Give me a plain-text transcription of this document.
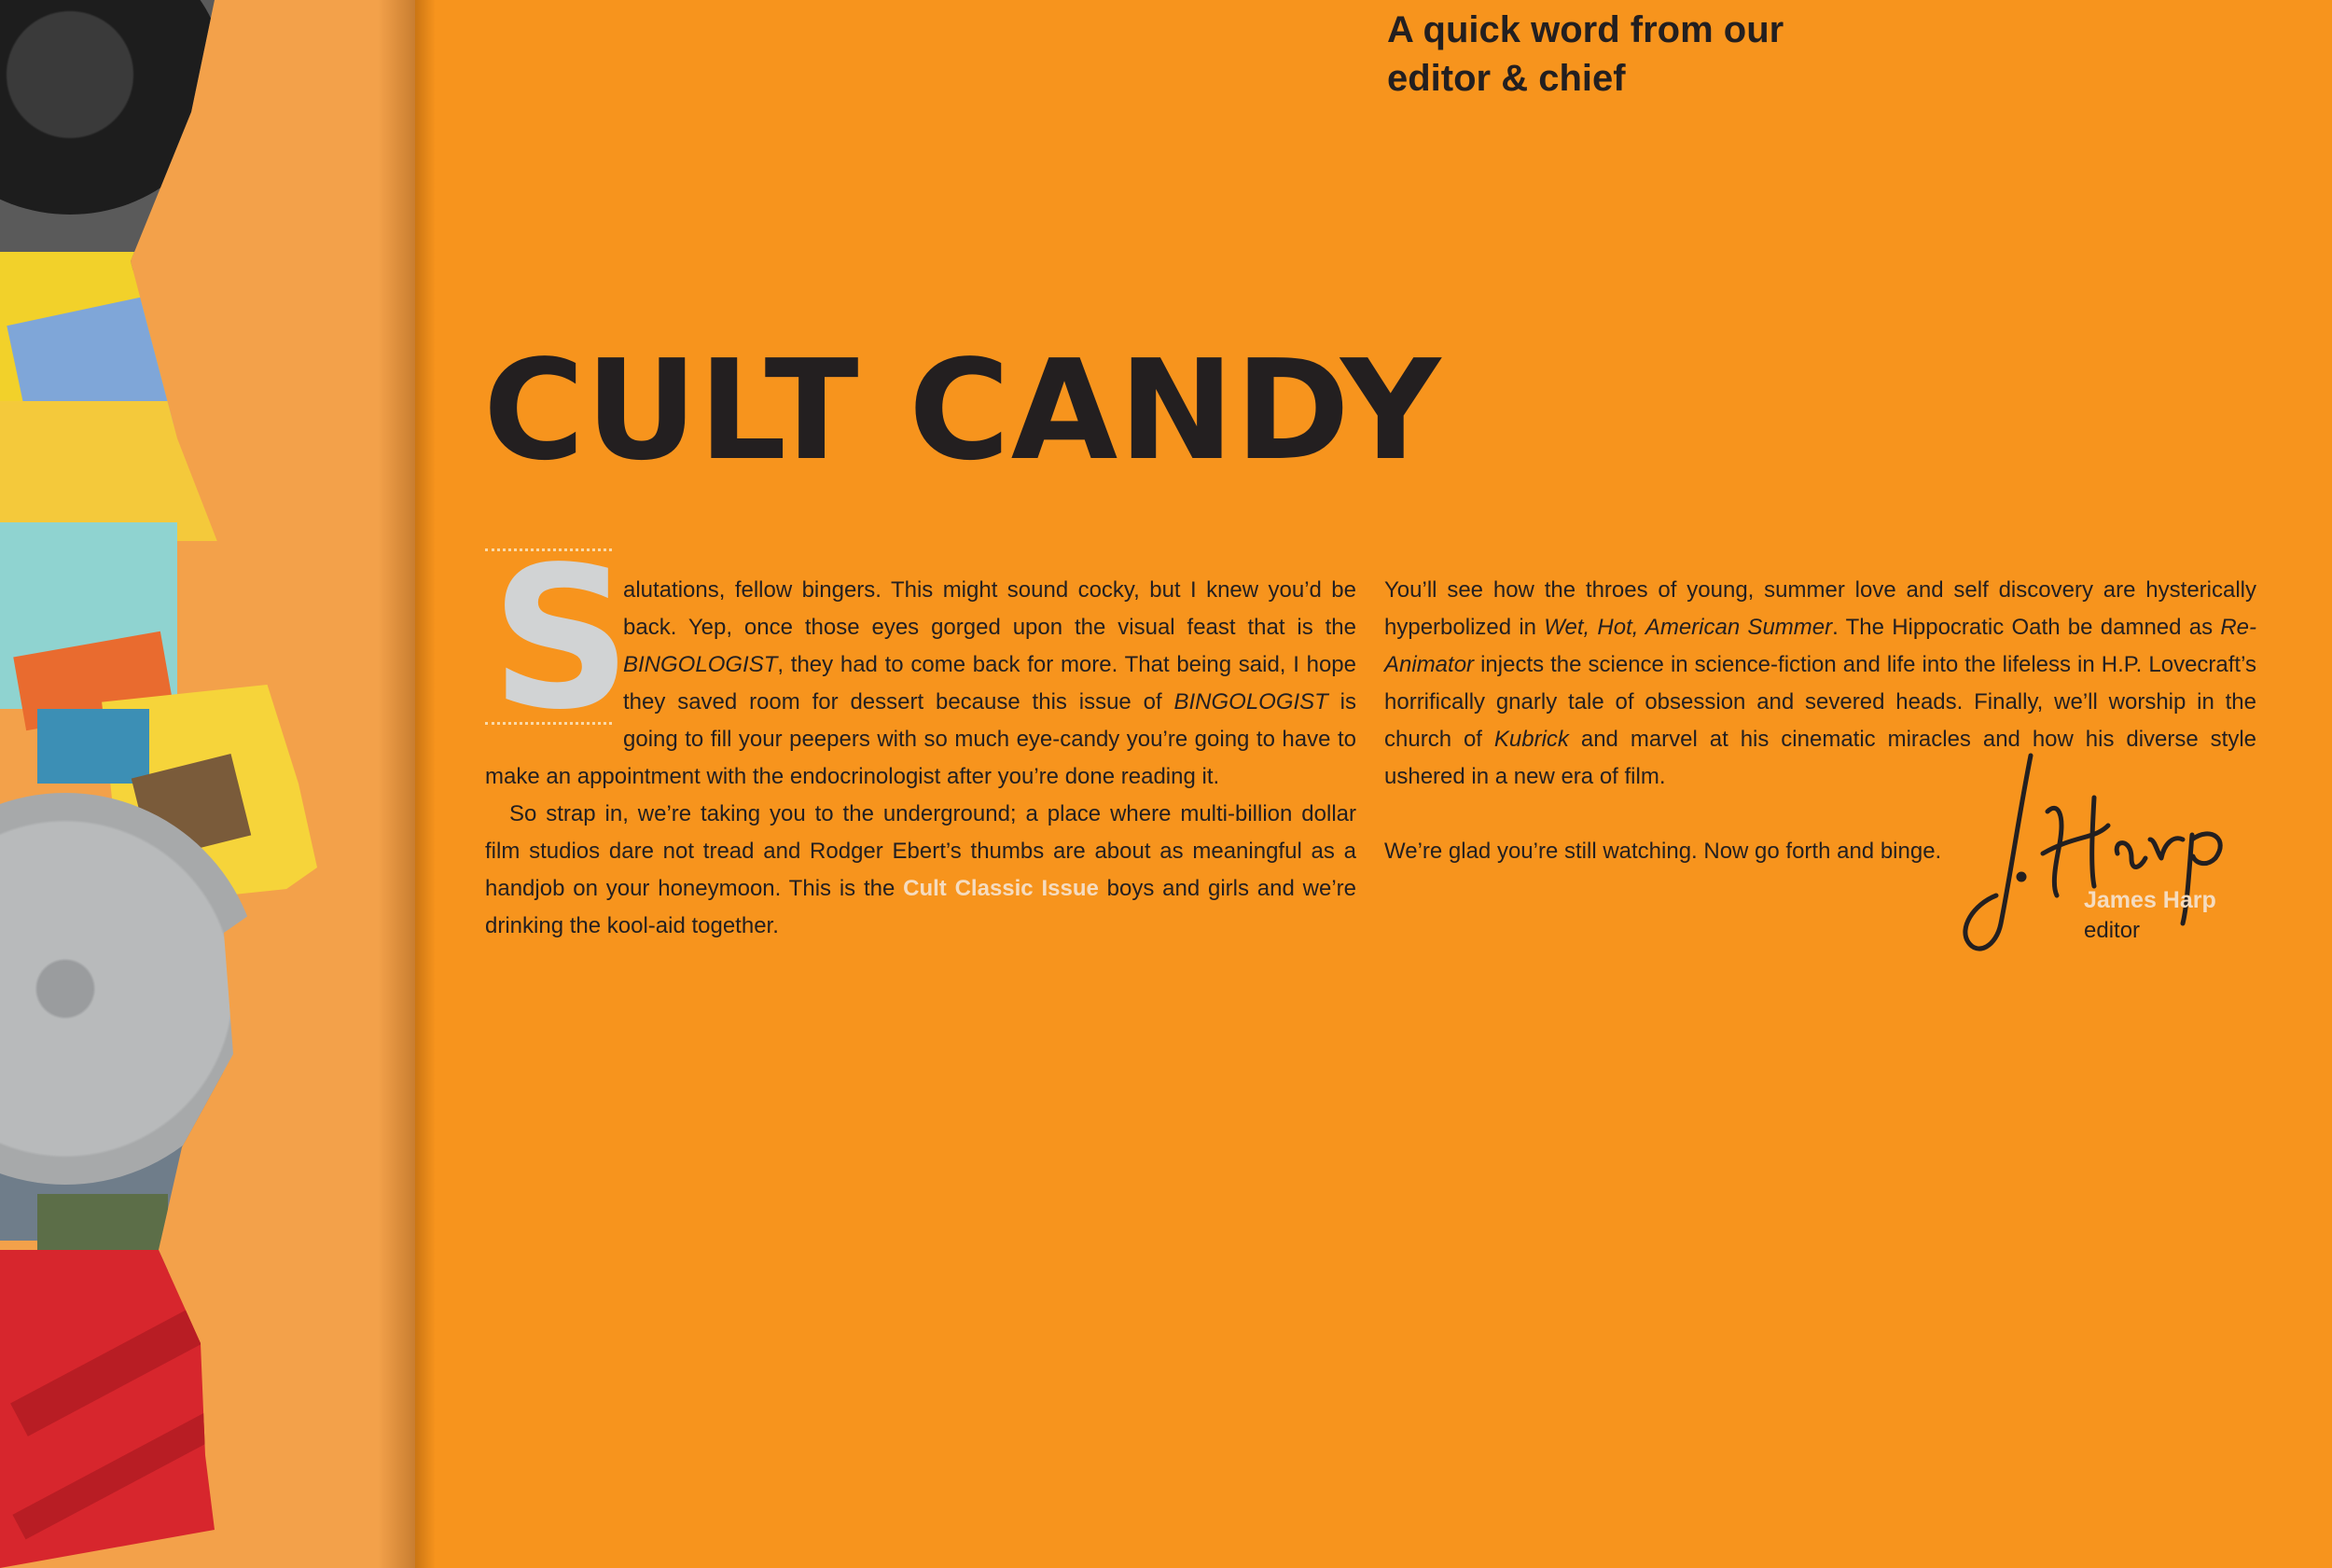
A quick word from our
editor & chief
CULT CANDY

S
alutations, fellow bingers. This might sound cocky, but I knew you’d be back. Yep, once those eyes gorged upon the visual feast that is the BINGOLOGIST, they had to come back for more. That being said, I hope they saved room for dessert because this issue of BINGOLOGIST is going to fill your peepers with so much eye-candy you’re going to have to make an appointment with the endocrinologist after you’re done reading it.

So strap in, we’re taking you to the underground; a place where multi-billion dollar film studios dare not tread and Rodger Ebert’s thumbs are about as meaningful as a handjob on your honeymoon. This is the Cult Classic Issue boys and girls and we’re drinking the kool-aid together.

You’ll see how the throes of young, summer love and self discovery are hysterically hyperbolized in Wet, Hot, American Summer. The Hippocratic Oath be damned as Re-Animator injects the science in science-fiction and life into the lifeless in H.P. Lovecraft’s horrifically gnarly tale of obsession and severed heads. Finally, we’ll worship in the church of Kubrick and marvel at his cinematic miracles and how his diverse style ushered in a new era of film.

We’re glad you’re still watching. Now go forth and binge.

James Harp
editor
